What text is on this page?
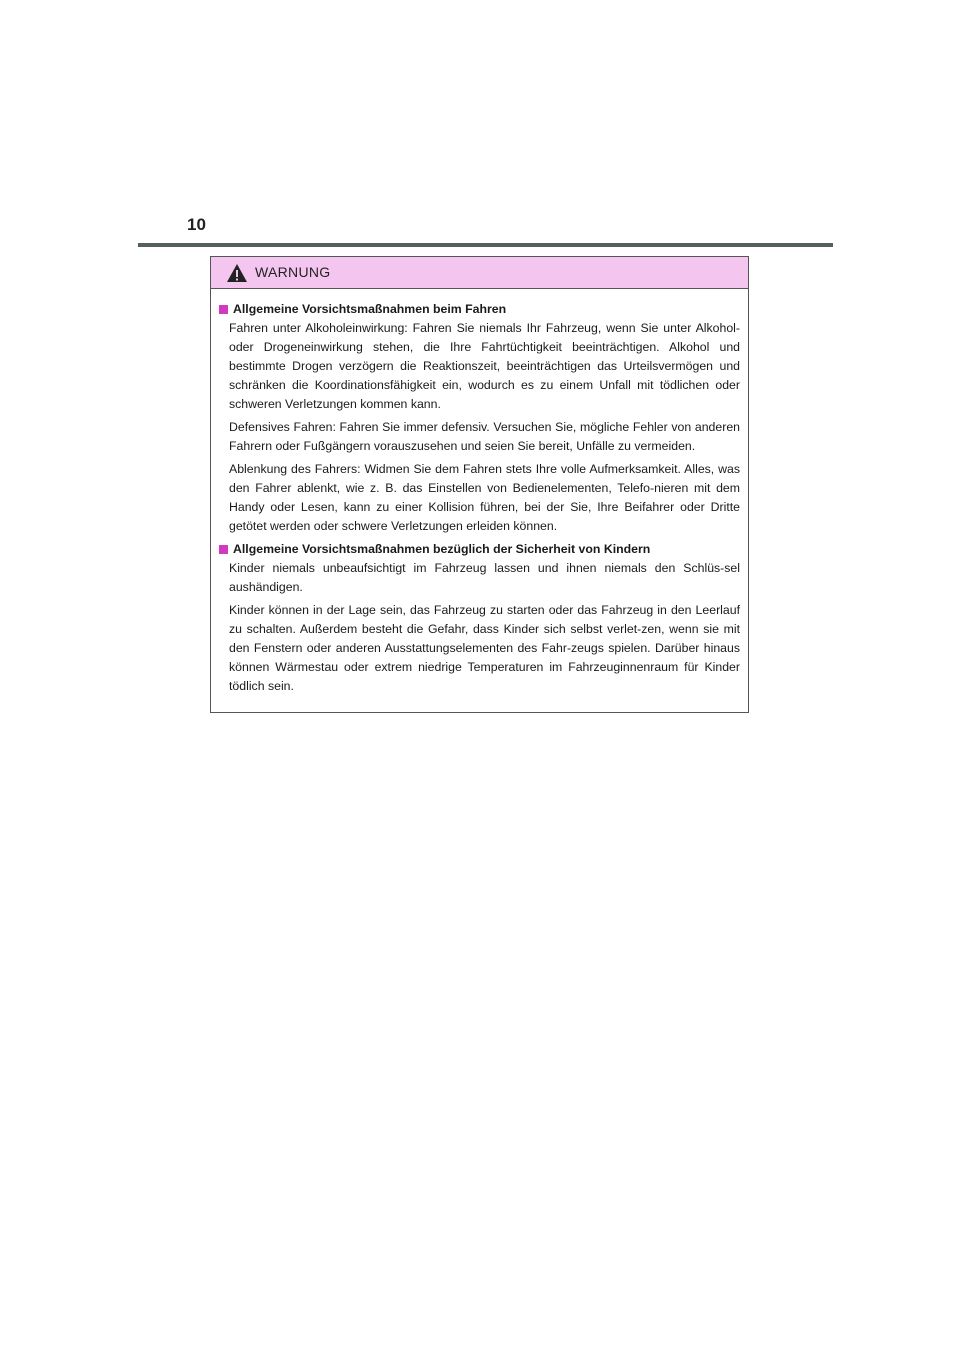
10
WARNUNG
Allgemeine Vorsichtsmaßnahmen beim Fahren

Fahren unter Alkoholeinwirkung: Fahren Sie niemals Ihr Fahrzeug, wenn Sie unter Alkohol- oder Drogeneinwirkung stehen, die Ihre Fahrtüchtigkeit beeinträchtigen. Alkohol und bestimmte Drogen verzögern die Reaktionszeit, beeinträchtigen das Urteilsvermögen und schränken die Koordinationsfähigkeit ein, wodurch es zu einem Unfall mit tödlichen oder schweren Verletzungen kommen kann.

Defensives Fahren: Fahren Sie immer defensiv. Versuchen Sie, mögliche Fehler von anderen Fahrern oder Fußgängern vorauszusehen und seien Sie bereit, Unfälle zu vermeiden.

Ablenkung des Fahrers: Widmen Sie dem Fahren stets Ihre volle Aufmerksamkeit. Alles, was den Fahrer ablenkt, wie z. B. das Einstellen von Bedienelementen, Telefo-nieren mit dem Handy oder Lesen, kann zu einer Kollision führen, bei der Sie, Ihre Beifahrer oder Dritte getötet werden oder schwere Verletzungen erleiden können.

Allgemeine Vorsichtsmaßnahmen bezüglich der Sicherheit von Kindern

Kinder niemals unbeaufsichtigt im Fahrzeug lassen und ihnen niemals den Schlüs-sel aushändigen.

Kinder können in der Lage sein, das Fahrzeug zu starten oder das Fahrzeug in den Leerlauf zu schalten. Außerdem besteht die Gefahr, dass Kinder sich selbst verlet-zen, wenn sie mit den Fenstern oder anderen Ausstattungselementen des Fahr-zeugs spielen. Darüber hinaus können Wärmestau oder extrem niedrige Temperaturen im Fahrzeuginnenraum für Kinder tödlich sein.
